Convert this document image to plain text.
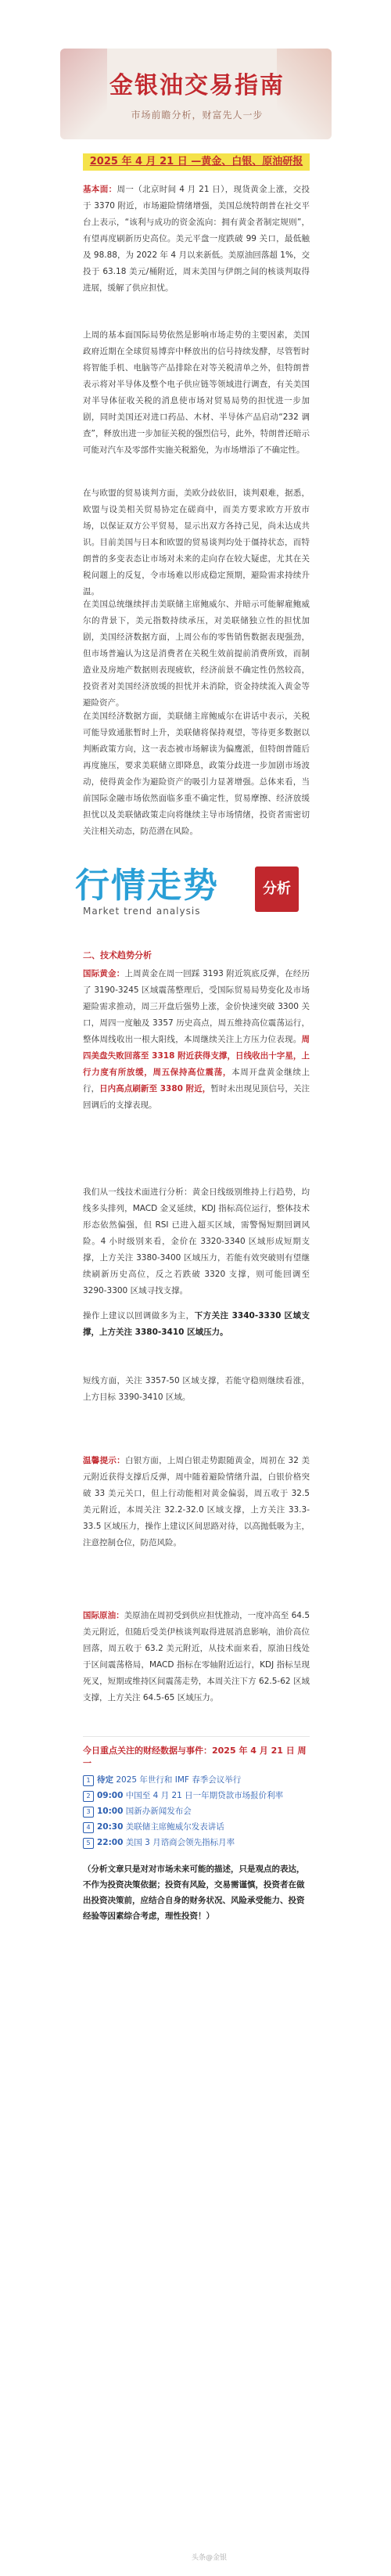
金银油交易指南
市场前瞻分析，财富先人一步
2025 年 4 月 21 日 —黄金、白银、原油研报
基本面：周一（北京时间 4 月 21 日），现货黄金上涨，交投于 3370 附近，市场避险情绪增强，美国总统特朗普在社交平台上表示，“该利与成功的资金流向：拥有黄金者制定规则”，有望再度刷新历史高位。美元平盘一度跌破 99 关口，最低触及 98.88，为 2022 年 4 月以来新低。美原油回落超 1%，交投于 63.18 美元/桶附近，周末美国与伊朗之间的核谈判取得进展，缓解了供应担忧。
上周的基本面国际局势依然是影响市场走势的主要因素，美国政府近期在全球贸易博弈中释放出的信号持续发酵，尽管暂时将智能手机、电脑等产品排除在对等关税清单之外，但特朗普表示将对半导体及整个电子供应链等领域进行调查，有关美国对半导体征收关税的消息使市场对贸易局势的担忧进一步加剧，同时美国还对进口药品、木材、半导体产品启动“232 调查”，释放出进一步加征关税的强烈信号，此外，特朗普还暗示可能对汽车及零部件实施关税豁免，为市场增添了不确定性。
在与欧盟的贸易谈判方面，美欧分歧依旧，谈判艰难，据悉，欧盟与设美相关贸易协定在磋商中，而美方要求欧方开放市场，以保证双方公平贸易，显示出双方各持己见，尚未达成共识。目前美国与日本和欧盟的贸易谈判均处于僵持状态，而特朗普的多变表态让市场对未来的走向存在较大疑虑，尤其在关税问题上的反复，令市场难以形成稳定预期，避险需求持续升温。
在美国总统继续抨击美联储主席鲍威尔、并暗示可能解雇鲍威尔的背景下，美元指数持续承压，对美联储独立性的担忧加剧，美国经济数据方面，上周公布的零售销售数据表现强劲，但市场普遍认为这是消费者在关税生效前提前消费所致，而制造业及房地产数据则表现疲软，经济前景不确定性仍然较高，投资者对美国经济放缓的担忧并未消除，资金持续流入黄金等避险资产。
在美国经济数据方面，美联储主席鲍威尔在讲话中表示，关税可能导致通胀暂时上升，美联储将保持观望，等待更多数据以判断政策方向，这一表态被市场解读为偏鹰派，但特朗普随后再度施压，要求美联储立即降息，政策分歧进一步加剧市场波动，使得黄金作为避险资产的吸引力显著增强。总体来看，当前国际金融市场依然面临多重不确定性，贸易摩擦、经济放缓担忧以及美联储政策走向将继续主导市场情绪，投资者需密切关注相关动态，防范潜在风险。
行情走势	分析
Market trend analysis
二、技术趋势分析
国际黄金：上周黄金在周一回踩 3193 附近筑底反弹，在经历了 3190-3245 区域震荡整理后，受国际贸易局势变化及市场避险需求推动，周三开盘后强势上涨，金价快速突破 3300 关口，周四一度触及 3357 历史高点，周五维持高位震荡运行，整体周线收出一根大阳线，本周继续关注上方压力位表现。周四美盘失败回落至 3318 附近获得支撑，日线收出十字星，上行力度有所放缓，周五保持高位震荡，本周开盘黄金继续上行，日内高点刷新至 3380 附近，暂时未出现见顶信号，关注回调后的支撑表现。
我们从一线技术面进行分析：黄金日线级别维持上行趋势，均线多头排列，MACD 金叉延续，KDJ 指标高位运行，整体技术形态依然偏强，但 RSI 已进入超买区域，需警惕短期回调风险。4 小时级别来看，金价在 3320-3340 区域形成短期支撑，上方关注 3380-3400 区域压力，若能有效突破则有望继续刷新历史高位，反之若跌破 3320 支撑，则可能回调至 3290-3300 区域寻找支撑。
操作上建议以回调做多为主，下方关注 3340-3330 区域支撑，上方关注 3380-3410 区域压力。
短线方面，关注 3357-50 区域支撑，若能守稳则继续看涨，上方目标 3390-3410 区域。
温馨提示：白银方面，上周白银走势跟随黄金，周初在 32 美元附近获得支撑后反弹，周中随着避险情绪升温，白银价格突破 33 美元关口，但上行动能相对黄金偏弱，周五收于 32.5 美元附近，本周关注 32.2-32.0 区域支撑，上方关注 33.3-33.5 区域压力，操作上建议区间思路对待，以高抛低吸为主，注意控制仓位，防范风险。
国际原油：美原油在周初受到供应担忧推动，一度冲高至 64.5 美元附近，但随后受美伊核谈判取得进展消息影响，油价高位回落，周五收于 63.2 美元附近，从技术面来看，原油日线处于区间震荡格局，MACD 指标在零轴附近运行，KDJ 指标呈现死叉，短期或维持区间震荡走势，本周关注下方 62.5-62 区域支撑，上方关注 64.5-65 区域压力。
今日重点关注的财经数据与事件：2025 年 4 月 21 日 周一
1 待定 2025 年世行和 IMF 春季会议举行
2 09:00 中国至 4 月 21 日一年期贷款市场报价利率
3 10:00 国新办新闻发布会
4 20:30 美联储主席鲍威尔发表讲话
5 22:00 美国 3 月谘商会领先指标月率
（分析文章只是对对市场未来可能的描述，只是观点的表达，不作为投资决策依据；投资有风险，交易需谨慎，投资者在做出投资决策前，应结合自身的财务状况、风险承受能力、投资经验等因素综合考虑，理性投资！）
头条@金银
